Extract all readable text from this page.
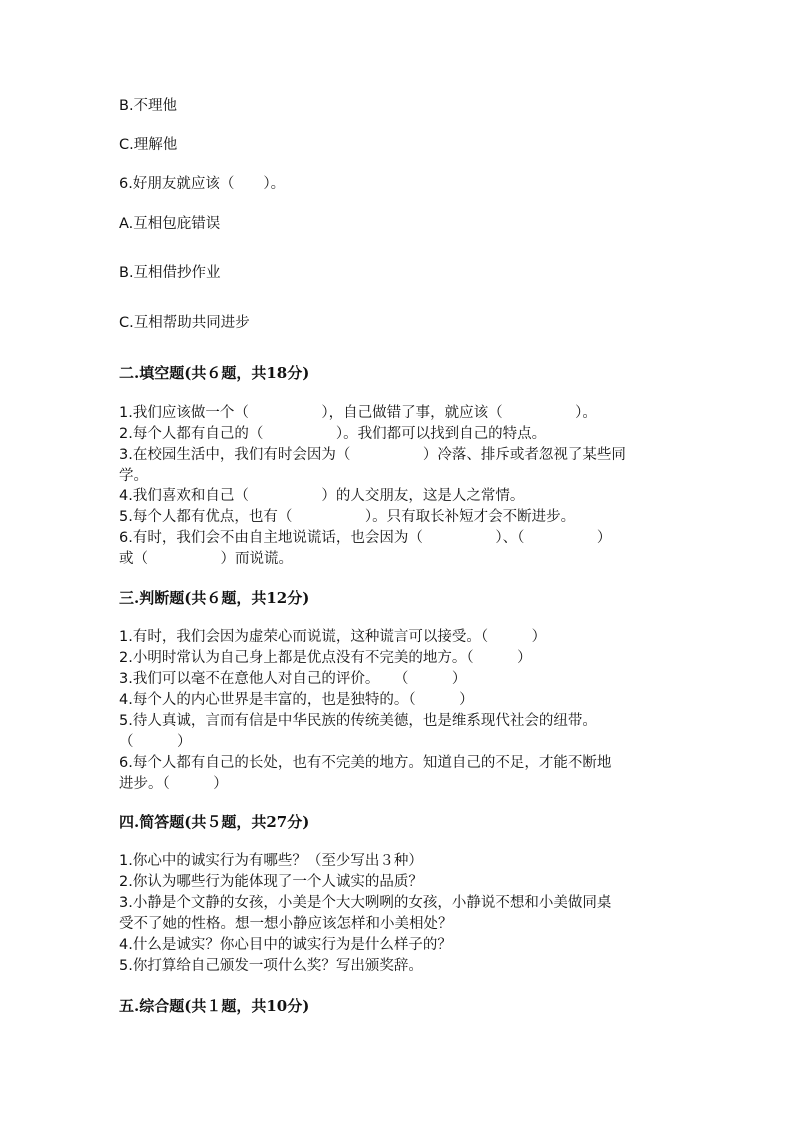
B.不理他
C.理解他
6.好朋友就应该（　　）。
A.互相包庇错误
B.互相借抄作业
C.互相帮助共同进步
二.填空题(共６题，共18分)
1.我们应该做一个（　　　　　），自己做错了事，就应该（　　　　　）。
2.每个人都有自己的（　　　　　）。我们都可以找到自己的特点。
3.在校园生活中，我们有时会因为（　　　　　）冷落、排斥或者忽视了某些同
学。
4.我们喜欢和自己（　　　　　）的人交朋友，这是人之常情。
5.每个人都有优点，也有（　　　　　）。只有取长补短才会不断进步。
6.有时，我们会不由自主地说谎话，也会因为（　　　　　）、（　　　　　）
或（　　　　　）而说谎。
三.判断题(共６题，共12分)
1.有时，我们会因为虚荣心而说谎，这种谎言可以接受。（　　　）
2.小明时常认为自己身上都是优点没有不完美的地方。（　　　）
3.我们可以毫不在意他人对自己的评价。　　（　　　）
4.每个人的内心世界是丰富的，也是独特的。（　　　）
5.待人真诚，言而有信是中华民族的传统美德，也是维系现代社会的纽带。
（　　　）
6.每个人都有自己的长处，也有不完美的地方。知道自己的不足，才能不断地
进步。（　　　）
四.简答题(共５题，共27分)
1.你心中的诚实行为有哪些？（至少写出３种）
2.你认为哪些行为能体现了一个人诚实的品质？
3.小静是个文静的女孩，小美是个大大咧咧的女孩，小静说不想和小美做同桌
受不了她的性格。想一想小静应该怎样和小美相处？
4.什么是诚实？你心目中的诚实行为是什么样子的？
5.你打算给自己颁发一项什么奖？写出颁奖辞。
五.综合题(共１题，共10分)
